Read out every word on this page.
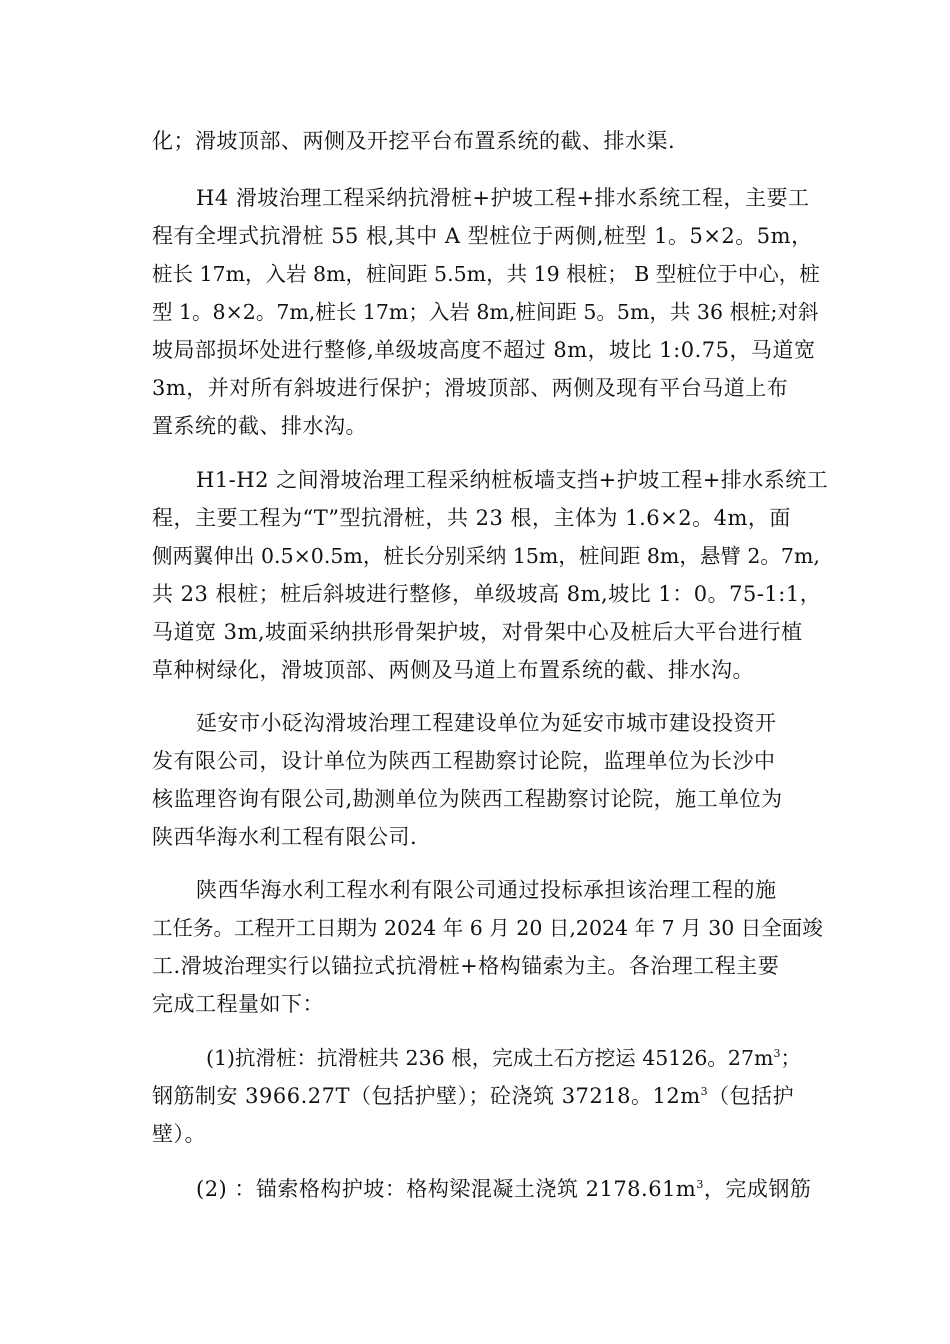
化；滑坡顶部、两侧及开挖平台布置系统的截、排水渠.
H4 滑坡治理工程采纳抗滑桩+护坡工程+排水系统工程，主要工
程有全埋式抗滑桩 55 根,其中 A 型桩位于两侧,桩型 1。5×2。5m，
桩长 17m，入岩 8m，桩间距 5.5m，共 19 根桩； B 型桩位于中心，桩
型 1。8×2。7m,桩长 17m；入岩 8m,桩间距 5。5m，共 36 根桩;对斜
坡局部损坏处进行整修,单级坡高度不超过 8m，坡比 1:0.75，马道宽
3m，并对所有斜坡进行保护；滑坡顶部、两侧及现有平台马道上布
置系统的截、排水沟。
H1-H2 之间滑坡治理工程采纳桩板墙支挡+护坡工程+排水系统工
程，主要工程为“T”型抗滑桩，共 23 根，主体为 1.6×2。4m，面
侧两翼伸出 0.5×0.5m，桩长分别采纳 15m，桩间距 8m，悬臂 2。7m,
共 23 根桩；桩后斜坡进行整修，单级坡高 8m,坡比 1：0。75-1:1，
马道宽 3m,坡面采纳拱形骨架护坡，对骨架中心及桩后大平台进行植
草种树绿化，滑坡顶部、两侧及马道上布置系统的截、排水沟。
延安市小砭沟滑坡治理工程建设单位为延安市城市建设投资开
发有限公司，设计单位为陕西工程勘察讨论院，监理单位为长沙中
核监理咨询有限公司,勘测单位为陕西工程勘察讨论院，施工单位为
陕西华海水利工程有限公司.
陕西华海水利工程水利有限公司通过投标承担该治理工程的施
工任务。工程开工日期为 2024 年 6 月 20 日,2024 年 7 月 30 日全面竣
工.滑坡治理实行以锚拉式抗滑桩+格构锚索为主。各治理工程主要
完成工程量如下：
(1)抗滑桩：抗滑桩共 236 根，完成土石方挖运 45126。$27m^3$；
钢筋制安 3966.27T（包括护壁）；砼浇筑 37218。$12m^3$（包括护
壁）。
(2) ：锚索格构护坡：格构梁混凝土浇筑 $2178.61m^3$，完成钢筋
